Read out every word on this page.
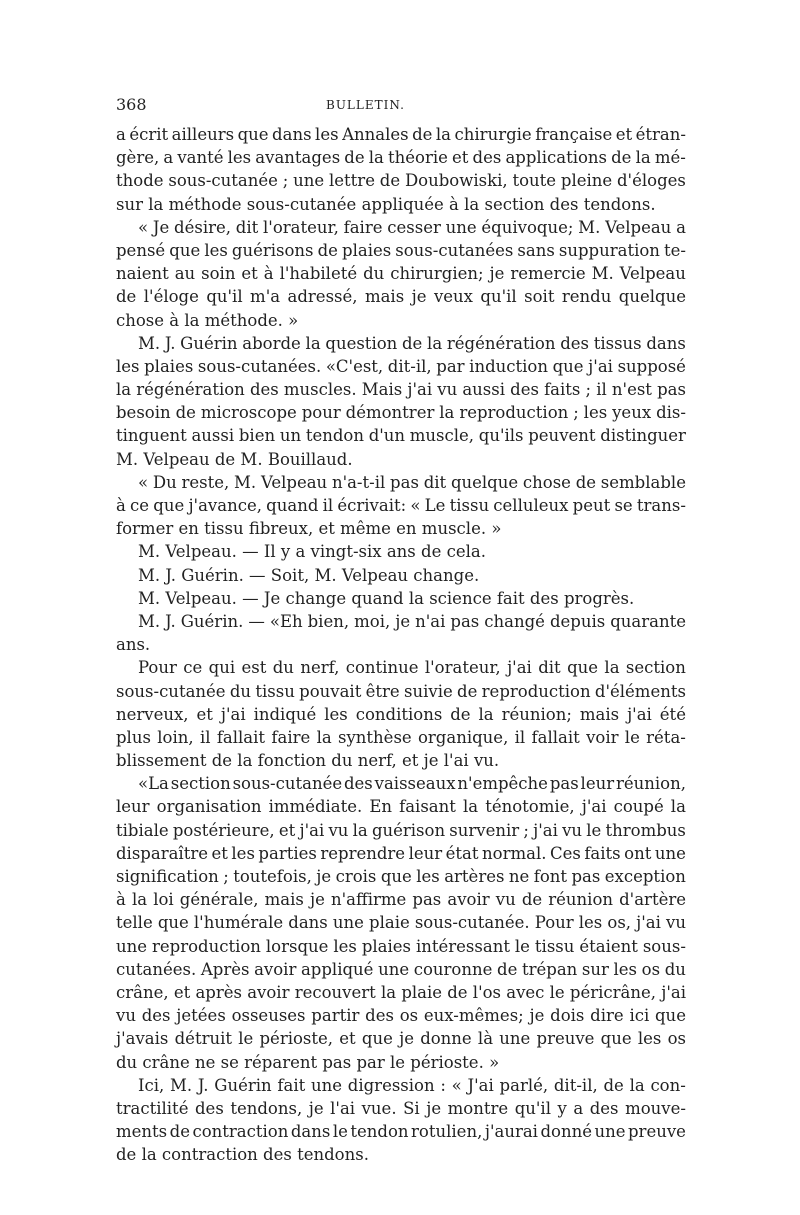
368	BULLETIN.
a écrit ailleurs que dans les Annales de la chirurgie française et étran-
gère, a vanté les avantages de la théorie et des applications de la mé-
thode sous-cutanée ; une lettre de Doubowiski, toute pleine d'éloges
sur la méthode sous-cutanée appliquée à la section des tendons.
« Je désire, dit l'orateur, faire cesser une équivoque; M. Velpeau a
pensé que les guérisons de plaies sous-cutanées sans suppuration te-
naient au soin et à l'habileté du chirurgien; je remercie M. Velpeau
de l'éloge qu'il m'a adressé, mais je veux qu'il soit rendu quelque
chose à la méthode. »
M. J. Guérin aborde la question de la régénération des tissus dans
les plaies sous-cutanées. «C'est, dit-il, par induction que j'ai supposé
la régénération des muscles. Mais j'ai vu aussi des faits ; il n'est pas
besoin de microscope pour démontrer la reproduction ; les yeux dis-
tinguent aussi bien un tendon d'un muscle, qu'ils peuvent distinguer
M. Velpeau de M. Bouillaud.
« Du reste, M. Velpeau n'a-t-il pas dit quelque chose de semblable
à ce que j'avance, quand il écrivait: « Le tissu celluleux peut se trans-
former en tissu fibreux, et même en muscle. »
M. Velpeau. — Il y a vingt-six ans de cela.
M. J. Guérin. — Soit, M. Velpeau change.
M. Velpeau. — Je change quand la science fait des progrès.
M. J. Guérin. — «Eh bien, moi, je n'ai pas changé depuis quarante
ans.
Pour ce qui est du nerf, continue l'orateur, j'ai dit que la section
sous-cutanée du tissu pouvait être suivie de reproduction d'éléments
nerveux, et j'ai indiqué les conditions de la réunion; mais j'ai été
plus loin, il fallait faire la synthèse organique, il fallait voir le réta-
blissement de la fonction du nerf, et je l'ai vu.
«La section sous-cutanée des vaisseaux n'empêche pas leur réunion,
leur organisation immédiate. En faisant la ténotomie, j'ai coupé la
tibiale postérieure, et j'ai vu la guérison survenir ; j'ai vu le thrombus
disparaître et les parties reprendre leur état normal. Ces faits ont une
signification ; toutefois, je crois que les artères ne font pas exception
à la loi générale, mais je n'affirme pas avoir vu de réunion d'artère
telle que l'humérale dans une plaie sous-cutanée. Pour les os, j'ai vu
une reproduction lorsque les plaies intéressant le tissu étaient sous-
cutanées. Après avoir appliqué une couronne de trépan sur les os du
crâne, et après avoir recouvert la plaie de l'os avec le péricrâne, j'ai
vu des jetées osseuses partir des os eux-mêmes; je dois dire ici que
j'avais détruit le périoste, et que je donne là une preuve que les os
du crâne ne se réparent pas par le périoste. »
Ici, M. J. Guérin fait une digression : « J'ai parlé, dit-il, de la con-
tractilité des tendons, je l'ai vue. Si je montre qu'il y a des mouve-
ments de contraction dans le tendon rotulien, j'aurai donné une preuve
de la contraction des tendons.
